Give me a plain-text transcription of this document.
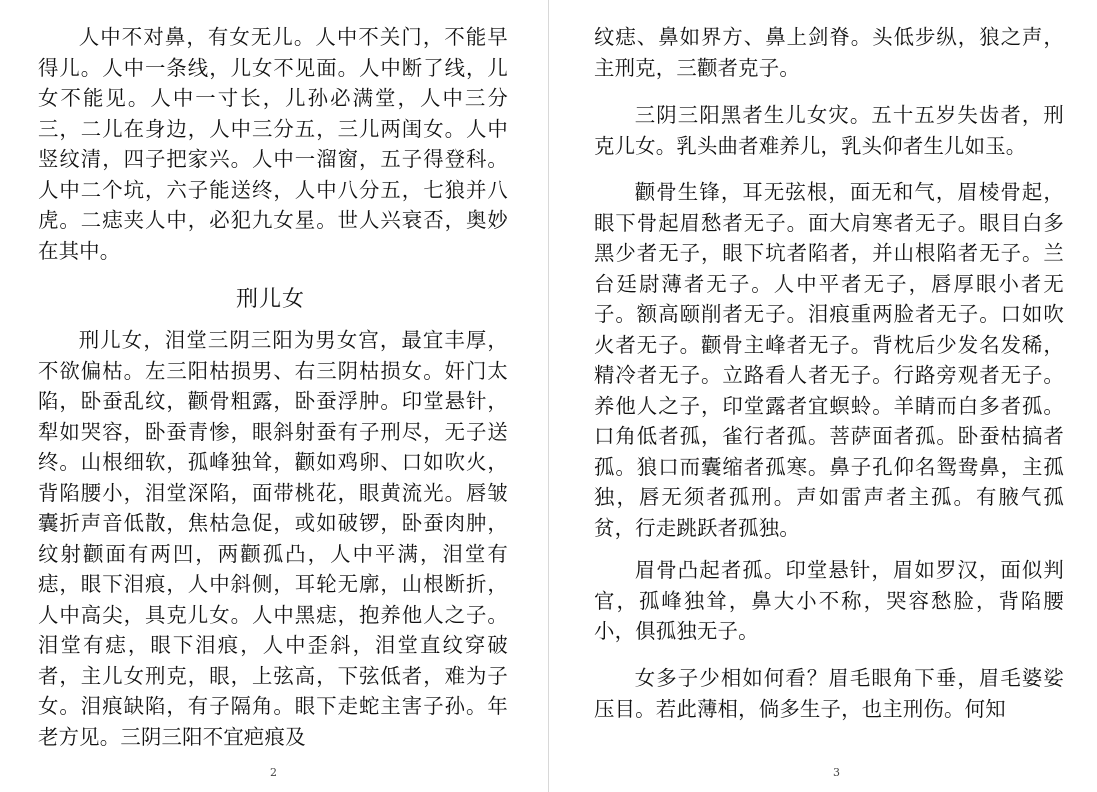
人中不对鼻，有女无儿。人中不关门，不能早得儿。人中一条线，儿女不见面。人中断了线，儿女不能见。人中一寸长，儿孙必满堂，人中三分三，二儿在身边，人中三分五，三儿两闺女。人中竖纹清，四子把家兴。人中一溜窗，五子得登科。人中二个坑，六子能送终，人中八分五，七狼并八虎。二痣夹人中，必犯九女星。世人兴衰否，奥妙在其中。
刑儿女
刑儿女，泪堂三阴三阳为男女宫，最宜丰厚，不欲偏枯。左三阳枯损男、右三阴枯损女。奸门太陷，卧蚕乱纹，颧骨粗露，卧蚕浮肿。印堂悬针，犁如哭容，卧蚕青惨，眼斜射蚕有子刑尽，无子送终。山根细软，孤峰独耸，颧如鸡卵、口如吹火，背陷腰小，泪堂深陷，面带桃花，眼黄流光。唇皱囊折声音低散，焦枯急促，或如破锣，卧蚕肉肿，纹射颧面有两凹，两颧孤凸，人中平满，泪堂有痣，眼下泪痕，人中斜侧，耳轮无廓，山根断折，人中高尖，具克儿女。人中黑痣，抱养他人之子。泪堂有痣，眼下泪痕，人中歪斜，泪堂直纹穿破者，主儿女刑克，眼，上弦高，下弦低者，难为子女。泪痕缺陷，有子隔角。眼下走蛇主害子孙。年老方见。三阴三阳不宜疤痕及
2
纹痣、鼻如界方、鼻上剑脊。头低步纵，狼之声，主刑克，三颧者克子。
三阴三阳黑者生儿女灾。五十五岁失齿者，刑克儿女。乳头曲者难养儿，乳头仰者生儿如玉。
颧骨生锋，耳无弦根，面无和气，眉棱骨起，眼下骨起眉愁者无子。面大肩寒者无子。眼目白多黑少者无子，眼下坑者陷者，并山根陷者无子。兰台廷尉薄者无子。人中平者无子，唇厚眼小者无子。额高颐削者无子。泪痕重两脸者无子。口如吹火者无子。颧骨主峰者无子。背枕后少发名发稀，精冷者无子。立路看人者无子。行路旁观者无子。养他人之子，印堂露者宜螟蛉。羊睛而白多者孤。口角低者孤，雀行者孤。菩萨面者孤。卧蚕枯搞者孤。狼口而囊缩者孤寒。鼻子孔仰名鸳鸯鼻，主孤独，唇无须者孤刑。声如雷声者主孤。有腋气孤贫，行走跳跃者孤独。
眉骨凸起者孤。印堂悬针，眉如罗汉，面似判官，孤峰独耸，鼻大小不称，哭容愁脸，背陷腰小，俱孤独无子。
女多子少相如何看？眉毛眼角下垂，眉毛婆娑压目。若此薄相，倘多生子，也主刑伤。何知
3
